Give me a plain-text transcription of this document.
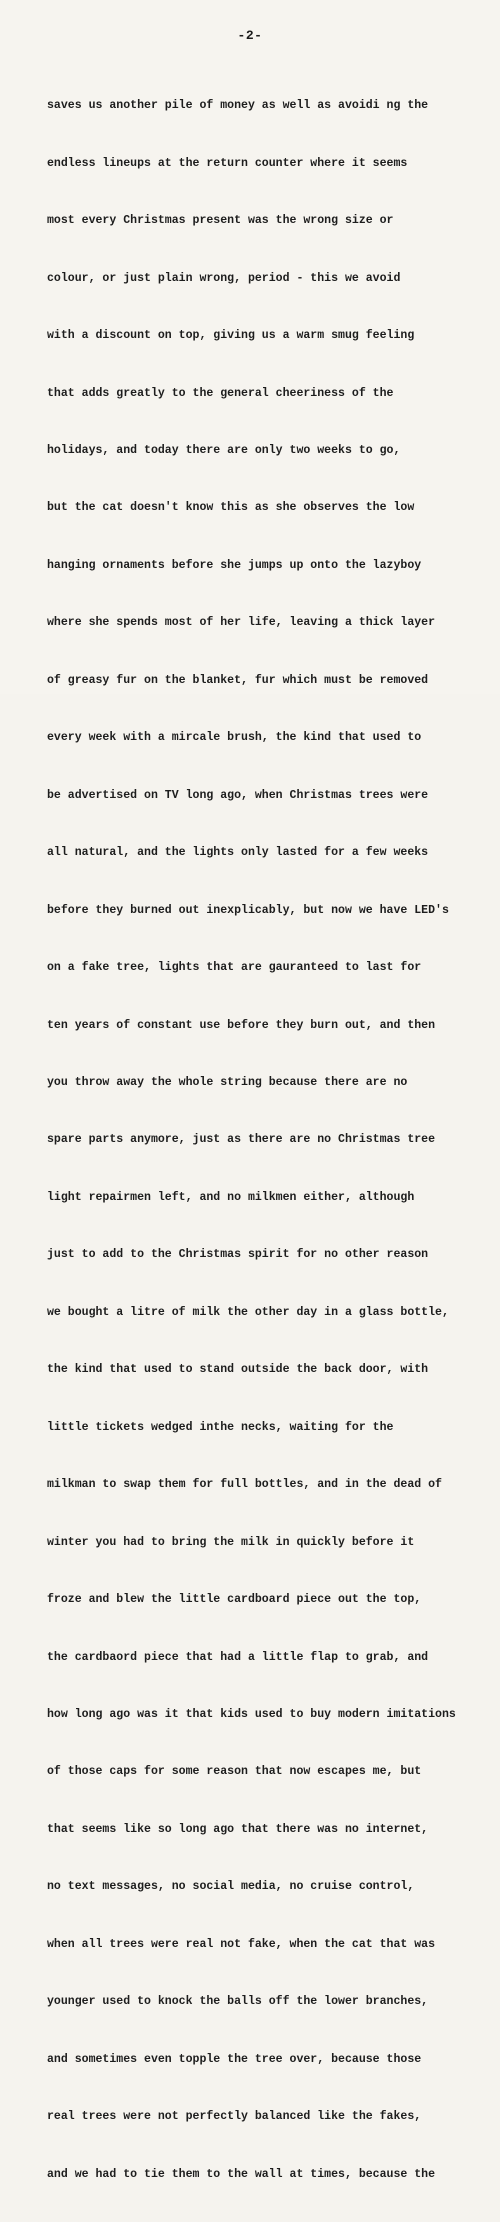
-2-

saves us another pile of money as well as avoidi ng the

endless lineups at the return counter where it seems

most every Christmas present was the wrong size or

colour, or just plain wrong, period - this we avoid

with a discount on top, giving us a warm smug feeling

that adds greatly to the general cheeriness of the

holidays, and today there are only two weeks to go,

but the cat doesn't know this as she observes the low

hanging ornaments before she jumps up onto the lazyboy

where she spends most of her life, leaving a thick layer

of greasy fur on the blanket, fur which must be removed

every week with a mircale brush, the kind that used to

be advertised on TV long ago, when Christmas trees were

all natural, and the lights only lasted for a few weeks

before they burned out inexplicably, but now we have LED's

on a fake tree, lights that are gauranteed to last for

ten years of constant use before they burn out, and then

you throw away the whole string because there are no

spare parts anymore, just as there are no Christmas tree

light repairmen left, and no milkmen either, although

just to add to the Christmas spirit for no other reason

we bought a litre of milk the other day in a glass bottle,

the kind that used to stand outside the back door, with

little tickets wedged inthe necks, waiting for the

milkman to swap them for full bottles, and in the dead of

winter you had to bring the milk in quickly before it

froze and blew the little cardboard piece out the top,

the cardbaord piece that had a little flap to grab, and

how long ago was it that kids used to buy modern imitations

of those caps for some reason that now escapes me, but

that seems like so long ago that there was no internet,

no text messages, no social media, no cruise control,

when all trees were real not fake, when the cat that was

younger used to knock the balls off the lower branches,

and sometimes even topple the tree over, because those

real trees were not perfectly balanced like the fakes,

and we had to tie them to the wall at times, because the
